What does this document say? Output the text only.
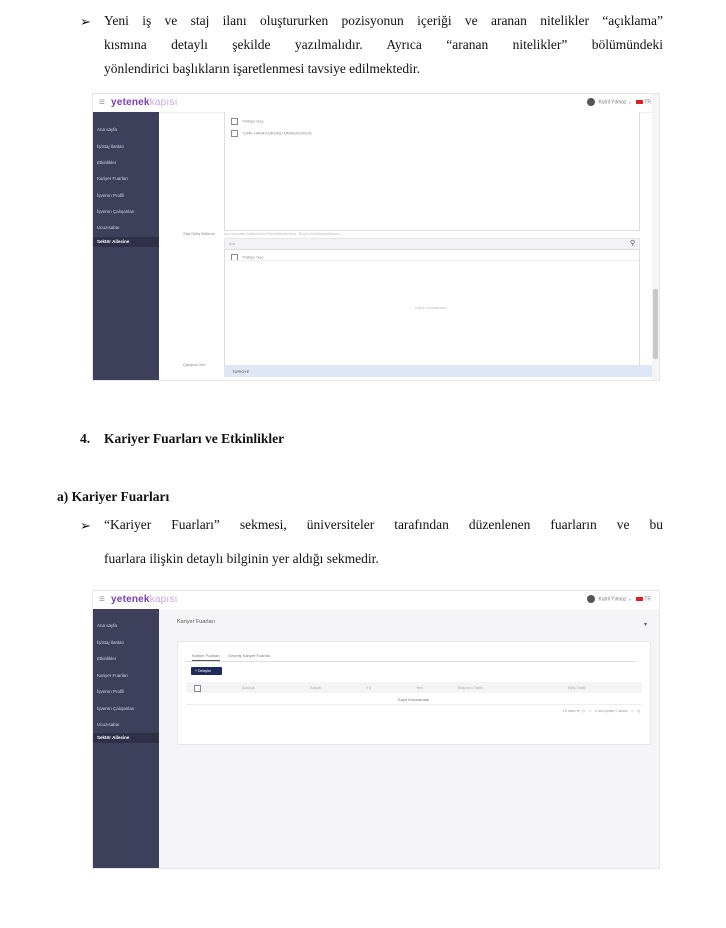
➢ Yeni iş ve staj ilanı oluştururken pozisyonun içeriği ve aranan nitelikler “açıklama”
kısmına detaylı şekilde yazılmalıdır. Ayrıca “aranan nitelikler” bölümündeki
yönlendirici başlıkların işaretlenmesi tavsiye edilmektedir.
≡ yetenekkapısı	Kutril Yılmaz ⌄ TR
Ana sayfa
İş/Staj İlanları
Etkinlikler
Kariyer Fuarları
İşveren Profili
İşveren Çalışanları
Ucuzısabaı
Sektör Ailesine
Türkiye Geç
TÜRK HAVA KURUMU ÜNİVERSİTESİ
Staj Gidiş Bölümü Ara yazarak bölümünüz filtreledebilirsiniz. Buya sürükleyebilirsiniz.
Ara	⚲
Türkiye Geç
Kayıt bulunamadı.
Çalışma Yeri
TÜRKİYE
4. Kariyer Fuarları ve Etkinlikler
a) Kariyer Fuarları
➢ “Kariyer Fuarları” sekmesi, üniversiteler tarafından düzenlenen fuarların ve bu
fuarlara ilişkin detaylı bilginin yer aldığı sekmedir.
≡ yetenekkapısı	Kutril Yılmaz ⌄ TR
Ana sayfa
İş/Staj İlanları
Etkinlikler
Kariyer Fuarları
İşveren Profili
İşveren Çalışanları
Ucuzısabaı
Sektör Ailesine
Kariyer Fuarları	▾
Kariyer Fuarları Geçmiş Kariyer Fuarları
+ Detaylar
Adı/Adı	Başlık	Yıl	Yeri	Başvuru Tarihi	Bitiş Tarihi
Kayıt bulunamadı
10 satır ▾   |<   <   0 sonuçtan 0 arası   >   >|
